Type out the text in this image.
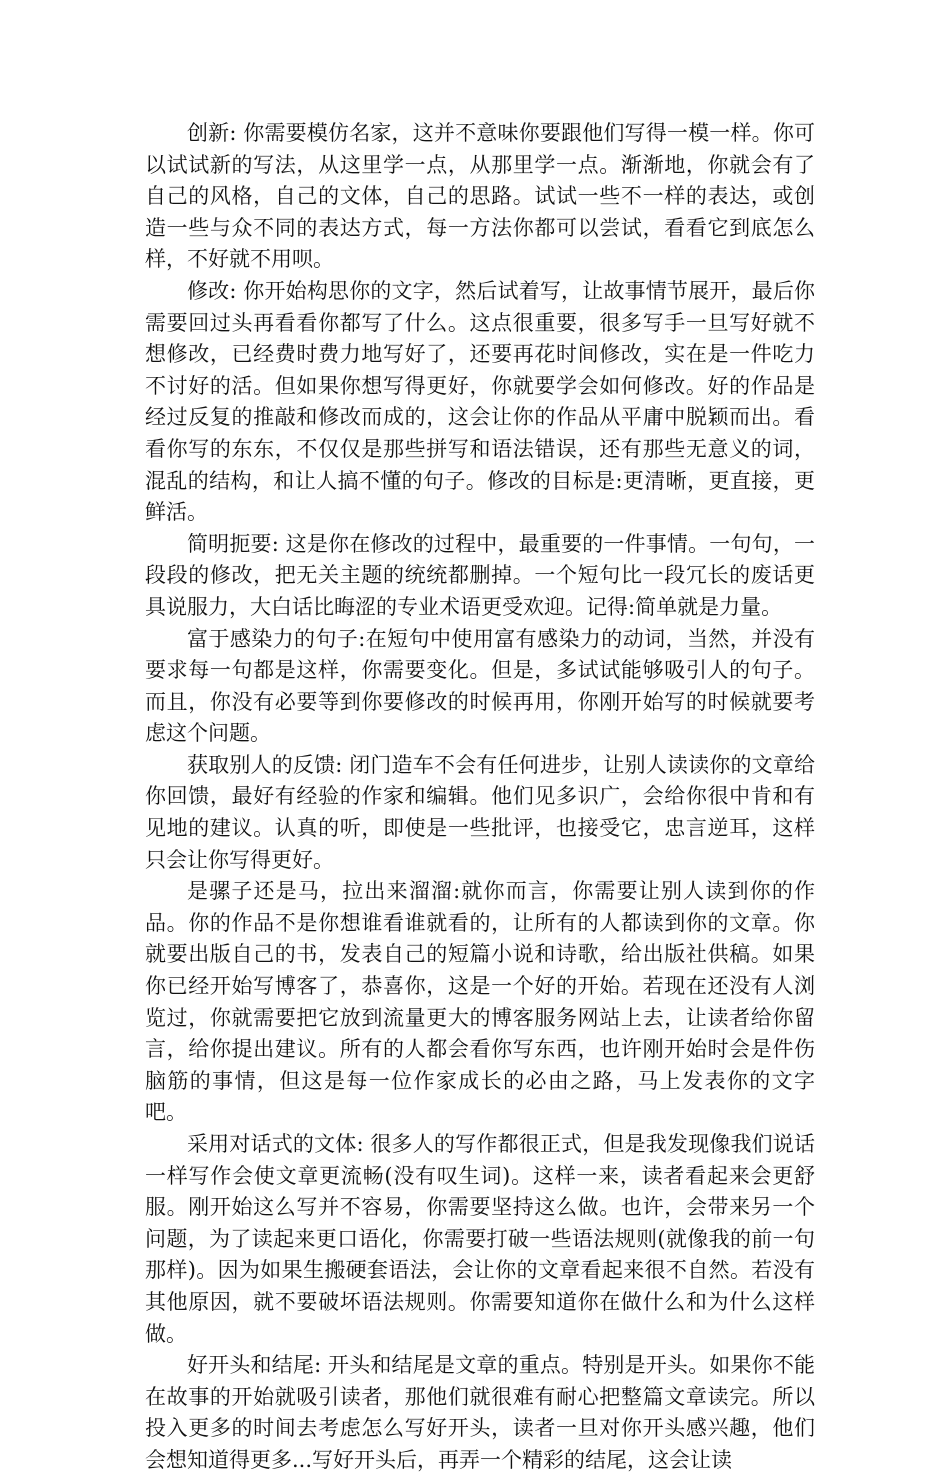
创新: 你需要模仿名家，这并不意味你要跟他们写得一模一样。你可以试试新的写法，从这里学一点，从那里学一点。渐渐地，你就会有了自己的风格，自己的文体，自己的思路。试试一些不一样的表达，或创造一些与众不同的表达方式，每一方法你都可以尝试，看看它到底怎么样，不好就不用呗。

修改: 你开始构思你的文字，然后试着写，让故事情节展开，最后你需要回过头再看看你都写了什么。这点很重要，很多写手一旦写好就不想修改，已经费时费力地写好了，还要再花时间修改，实在是一件吃力不讨好的活。但如果你想写得更好，你就要学会如何修改。好的作品是经过反复的推敲和修改而成的，这会让你的作品从平庸中脱颖而出。看看你写的东东，不仅仅是那些拼写和语法错误，还有那些无意义的词，混乱的结构，和让人搞不懂的句子。修改的目标是:更清晰，更直接，更鲜活。

简明扼要: 这是你在修改的过程中，最重要的一件事情。一句句，一段段的修改，把无关主题的统统都删掉。一个短句比一段冗长的废话更具说服力，大白话比晦涩的专业术语更受欢迎。记得:简单就是力量。

富于感染力的句子:在短句中使用富有感染力的动词，当然，并没有要求每一句都是这样，你需要变化。但是，多试试能够吸引人的句子。而且，你没有必要等到你要修改的时候再用，你刚开始写的时候就要考虑这个问题。

获取别人的反馈: 闭门造车不会有任何进步，让别人读读你的文章给你回馈，最好有经验的作家和编辑。他们见多识广，会给你很中肯和有见地的建议。认真的听，即使是一些批评，也接受它，忠言逆耳，这样只会让你写得更好。

是骡子还是马，拉出来溜溜:就你而言，你需要让别人读到你的作品。你的作品不是你想谁看谁就看的，让所有的人都读到你的文章。你就要出版自己的书，发表自己的短篇小说和诗歌，给出版社供稿。如果你已经开始写博客了，恭喜你，这是一个好的开始。若现在还没有人浏览过，你就需要把它放到流量更大的博客服务网站上去，让读者给你留言，给你提出建议。所有的人都会看你写东西，也许刚开始时会是件伤脑筋的事情，但这是每一位作家成长的必由之路，马上发表你的文字吧。

采用对话式的文体: 很多人的写作都很正式，但是我发现像我们说话一样写作会使文章更流畅(没有叹生词)。这样一来，读者看起来会更舒服。刚开始这么写并不容易，你需要坚持这么做。也许，会带来另一个问题，为了读起来更口语化，你需要打破一些语法规则(就像我的前一句那样)。因为如果生搬硬套语法，会让你的文章看起来很不自然。若没有其他原因，就不要破坏语法规则。你需要知道你在做什么和为什么这样做。

好开头和结尾: 开头和结尾是文章的重点。特别是开头。如果你不能在故事的开始就吸引读者，那他们就很难有耐心把整篇文章读完。所以投入更多的时间去考虑怎么写好开头，读者一旦对你开头感兴趣，他们会想知道得更多...写好开头后，再弄一个精彩的结尾，这会让读
